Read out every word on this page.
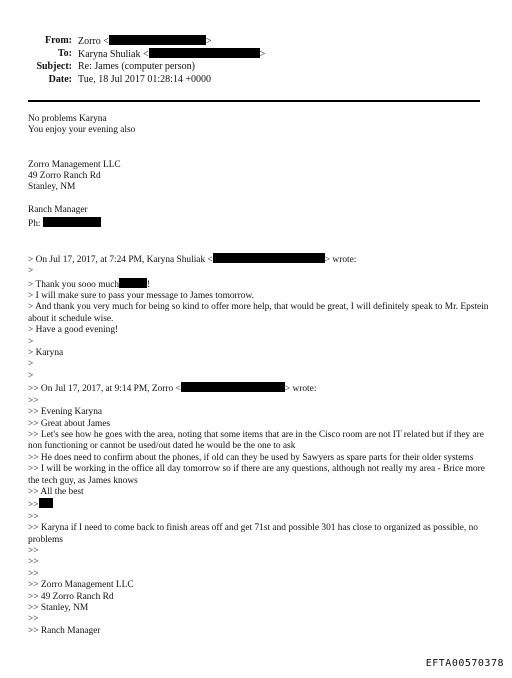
From: Zorro <	>
To: Karyna Shuliak <	>
Subject: Re: James (computer person)
Date: Tue, 18 Jul 2017 01:28:14 +0000
No problems Karyna
You enjoy your evening also
Zorro Management LLC
49 Zorro Ranch Rd
Stanley, NM
Ranch Manager
Ph:
> On Jul 17, 2017, at 7:24 PM, Karyna Shuliak <	> wrote:
>
> Thank you sooo much	!
> I will make sure to pass your message to James tomorrow.
> And thank you very much for being so kind to offer more help, that would be great, I will definitely speak to Mr. Epstein about it schedule wise.
> Have a good evening!
>
> Karyna
>
>
>> On Jul 17, 2017, at 9:14 PM, Zorro <	> wrote:
>>
>> Evening Karyna
>> Great about James
>> Let's see how he goes with the area, noting that some items that are in the Cisco room are not IT related but if they are non functioning or cannot be used/out dated he would be the one to ask
>> He does need to confirm about the phones, if old can they be used by Sawyers as spare parts for their older systems
>> I will be working in the office all day tomorrow so if there are any questions, although not really my area - Brice more the tech guy, as James knows
>> All the best
>>
>>
>> Karyna if I need to come back to finish areas off and get 71st and possible 301 has close to organized as possible, no problems
>>
>>
>>
>> Zorro Management LLC
>> 49 Zorro Ranch Rd
>> Stanley, NM
>>
>> Ranch Manager
EFTA00570378
